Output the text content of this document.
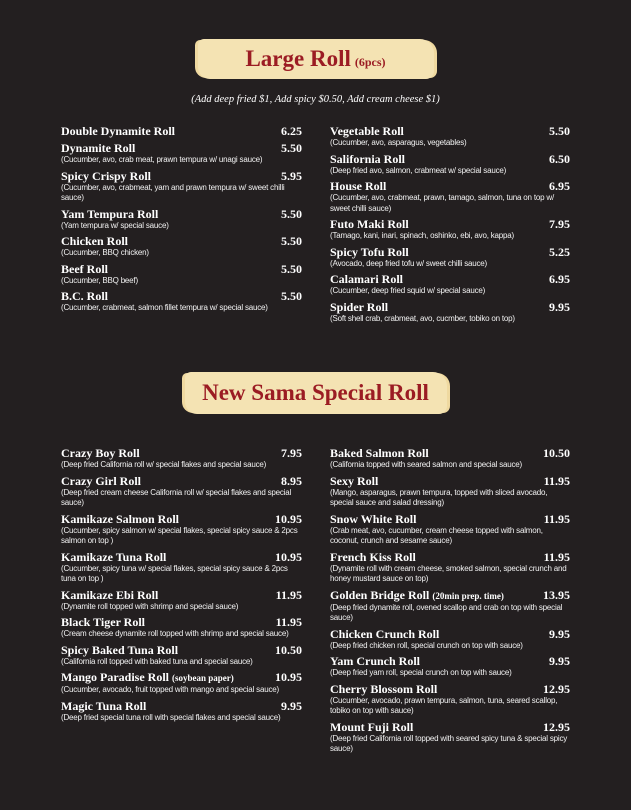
Large Roll (6pcs)
(Add deep fried $1, Add spicy $0.50, Add cream cheese $1)
Double Dynamite Roll	6.25
Dynamite Roll	5.50
(Cucumber, avo, crab meat, prawn tempura w/ unagi sauce)
Spicy Crispy Roll	5.95
(Cucumber, avo, crabmeat, yam and prawn tempura w/ sweet chilli sauce)
Yam Tempura Roll	5.50
(Yam tempura w/ special sauce)
Chicken Roll	5.50
(Cucumber, BBQ chicken)
Beef Roll	5.50
(Cucumber, BBQ beef)
B.C. Roll	5.50
(Cucumber, crabmeat, salmon fillet tempura w/ special sauce)
Vegetable Roll	5.50
(Cucumber, avo, asparagus, vegetables)
Salifornia Roll	6.50
(Deep fried avo, salmon, crabmeat w/ special sauce)
House Roll	6.95
(Cucumber, avo, crabmeat, prawn, tamago, salmon, tuna on top w/ sweet chilli sauce)
Futo Maki Roll	7.95
(Tamago, kani, inari, spinach, oshinko, ebi, avo, kappa)
Spicy Tofu Roll	5.25
(Avocado, deep fried tofu w/ sweet chilli sauce)
Calamari Roll	6.95
(Cucumber, deep fried squid w/ special sauce)
Spider Roll	9.95
(Soft shell crab, crabmeat, avo, cucmber, tobiko on top)
New Sama Special Roll
Crazy Boy Roll	7.95
(Deep fried California roll w/ special flakes and special sauce)
Crazy Girl Roll	8.95
(Deep fried cream cheese California roll w/ special flakes and special sauce)
Kamikaze Salmon Roll	10.95
(Cucumber, spicy salmon w/ special flakes, special spicy sauce & 2pcs salmon on top )
Kamikaze Tuna Roll	10.95
(Cucumber, spicy tuna w/ special flakes, special spicy sauce & 2pcs tuna on top )
Kamikaze Ebi Roll	11.95
(Dynamite roll topped with shrimp and special sauce)
Black Tiger Roll	11.95
(Cream cheese dynamite roll topped with shrimp and special sauce)
Spicy Baked Tuna Roll	10.50
(California roll topped with baked tuna and special sauce)
Mango Paradise Roll (soybean paper)	10.95
(Cucumber, avocado, fruit topped with mango and special sauce)
Magic Tuna Roll	9.95
(Deep fried special tuna roll with special flakes and special sauce)
Baked Salmon Roll	10.50
(California topped with seared salmon and special sauce)
Sexy Roll	11.95
(Mango, asparagus, prawn tempura, topped with sliced avocado, special sauce and salad dressing)
Snow White Roll	11.95
(Crab meat, avo, cucumber, cream cheese topped with salmon, coconut, crunch and sesame sauce)
French Kiss Roll	11.95
(Dynamite roll with cream cheese, smoked salmon, special crunch and honey mustard sauce on top)
Golden Bridge Roll (20min prep. time)	13.95
(Deep fried dynamite roll, ovened scallop and crab on top with special sauce)
Chicken Crunch Roll	9.95
(Deep fried chicken roll, special crunch on top with sauce)
Yam Crunch Roll	9.95
(Deep fried yam roll, special crunch on top with sauce)
Cherry Blossom Roll	12.95
(Cucumber, avocado, prawn tempura, salmon, tuna, seared scallop, tobiko on top with sauce)
Mount Fuji Roll	12.95
(Deep fried California roll topped with seared spicy tuna & special spicy sauce)
